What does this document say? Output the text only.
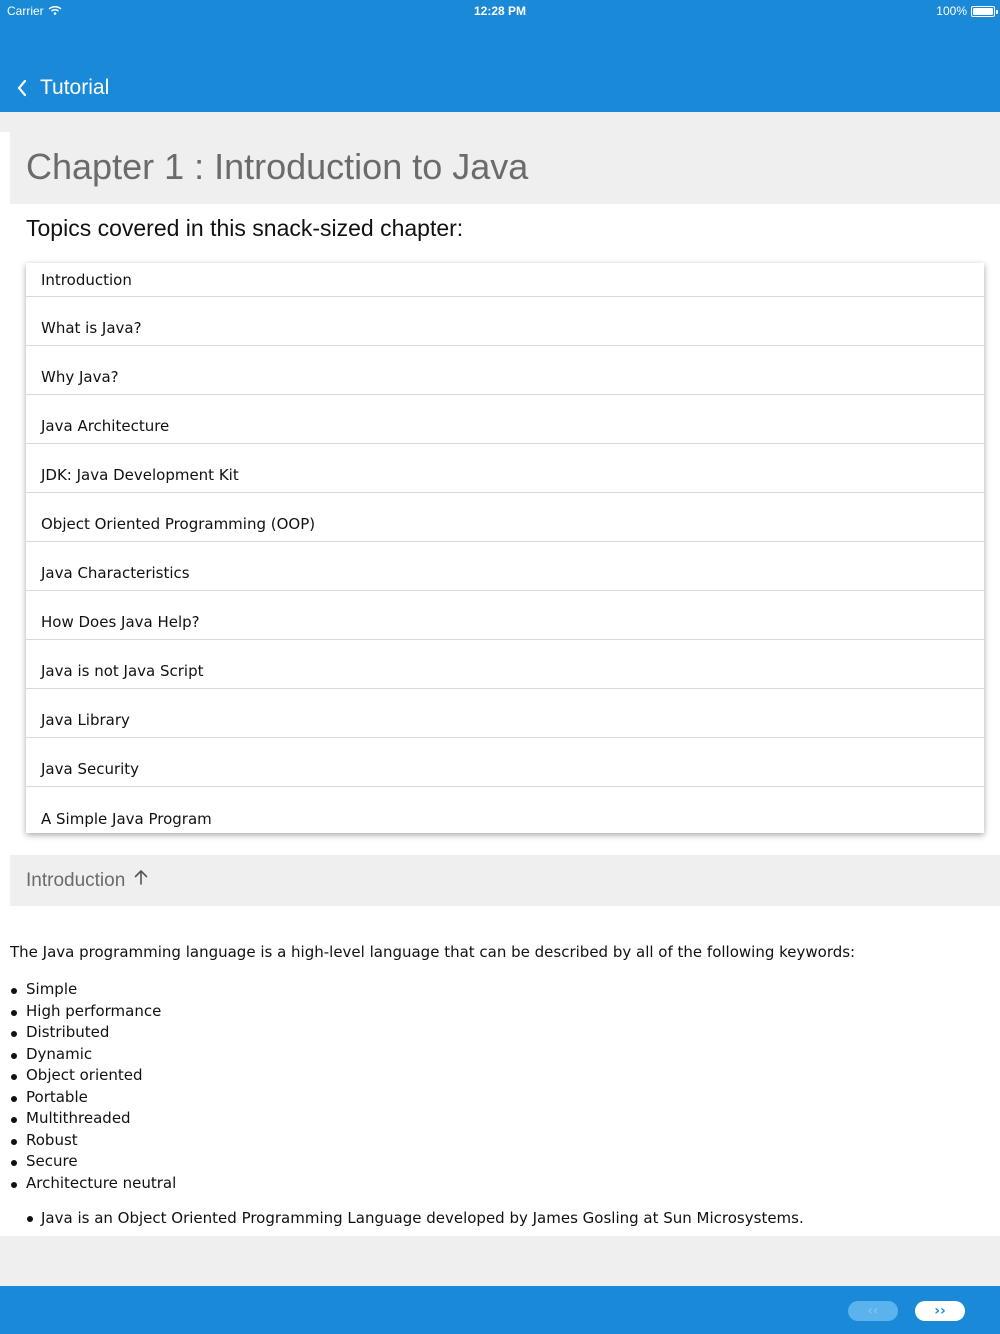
Carrier	12:28 PM	100%
Tutorial
Chapter 1 : Introduction to Java
Topics covered in this snack-sized chapter:
Introduction
What is Java?
Why Java?
Java Architecture
JDK: Java Development Kit
Object Oriented Programming (OOP)
Java Characteristics
How Does Java Help?
Java is not Java Script
Java Library
Java Security
A Simple Java Program
Introduction

The Java programming language is a high-level language that can be described by all of the following keywords:

Simple
High performance
Distributed
Dynamic
Object oriented
Portable
Multithreaded
Robust
Secure
Architecture neutral
Java is an Object Oriented Programming Language developed by James Gosling at Sun Microsystems.
‹‹	››
